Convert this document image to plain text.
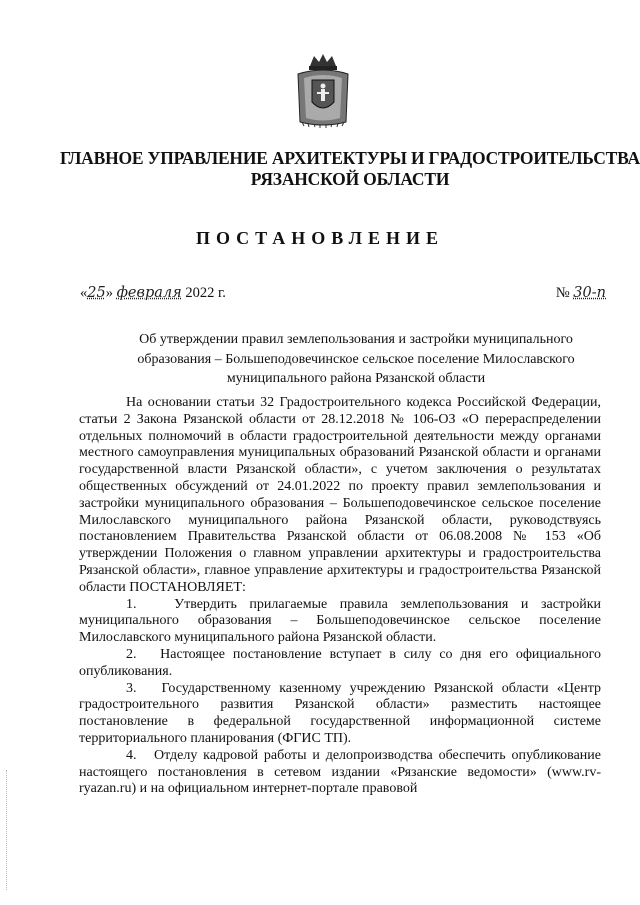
ГЛАВНОЕ УПРАВЛЕНИЕ АРХИТЕКТУРЫ И ГРАДОСТРОИТЕЛЬСТВА
РЯЗАНСКОЙ ОБЛАСТИ
ПОСТАНОВЛЕНИЕ
«25» февраля 2022 г.	№ 30-п
Об утверждении правил землепользования и застройки муниципального
образования – Большеподовечинское сельское поселение Милославского
муниципального района Рязанской области

На основании статьи 32 Градостроительного кодекса Российской Федерации, статьи 2 Закона Рязанской области от 28.12.2018 № 106-ОЗ «О перераспределении отдельных полномочий в области градостроительной деятельности между органами местного самоуправления муниципальных образований Рязанской области и органами государственной власти Рязанской области», с учетом заключения о результатах общественных обсуждений от 24.01.2022 по проекту правил землепользования и застройки муниципального образования – Большеподовечинское сельское поселение Милославского муниципального района Рязанской области, руководствуясь постановлением Правительства Рязанской области от 06.08.2008 № 153 «Об утверждении Положения о главном управлении архитектуры и градостроительства Рязанской области», главное управление архитектуры и градостроительства Рязанской области ПОСТАНОВЛЯЕТ:

1.   Утвердить прилагаемые правила землепользования и застройки муниципального образования – Большеподовечинское сельское поселение Милославского муниципального района Рязанской области.

2.   Настоящее постановление вступает в силу со дня его официального опубликования.

3.   Государственному казенному учреждению Рязанской области «Центр градостроительного развития Рязанской области» разместить настоящее постановление в федеральной государственной информационной системе территориального планирования (ФГИС ТП).

4.   Отделу кадровой работы и делопроизводства обеспечить опубликование настоящего постановления в сетевом издании «Рязанские ведомости» (www.rv-ryazan.ru) и на официальном интернет-портале правовой
